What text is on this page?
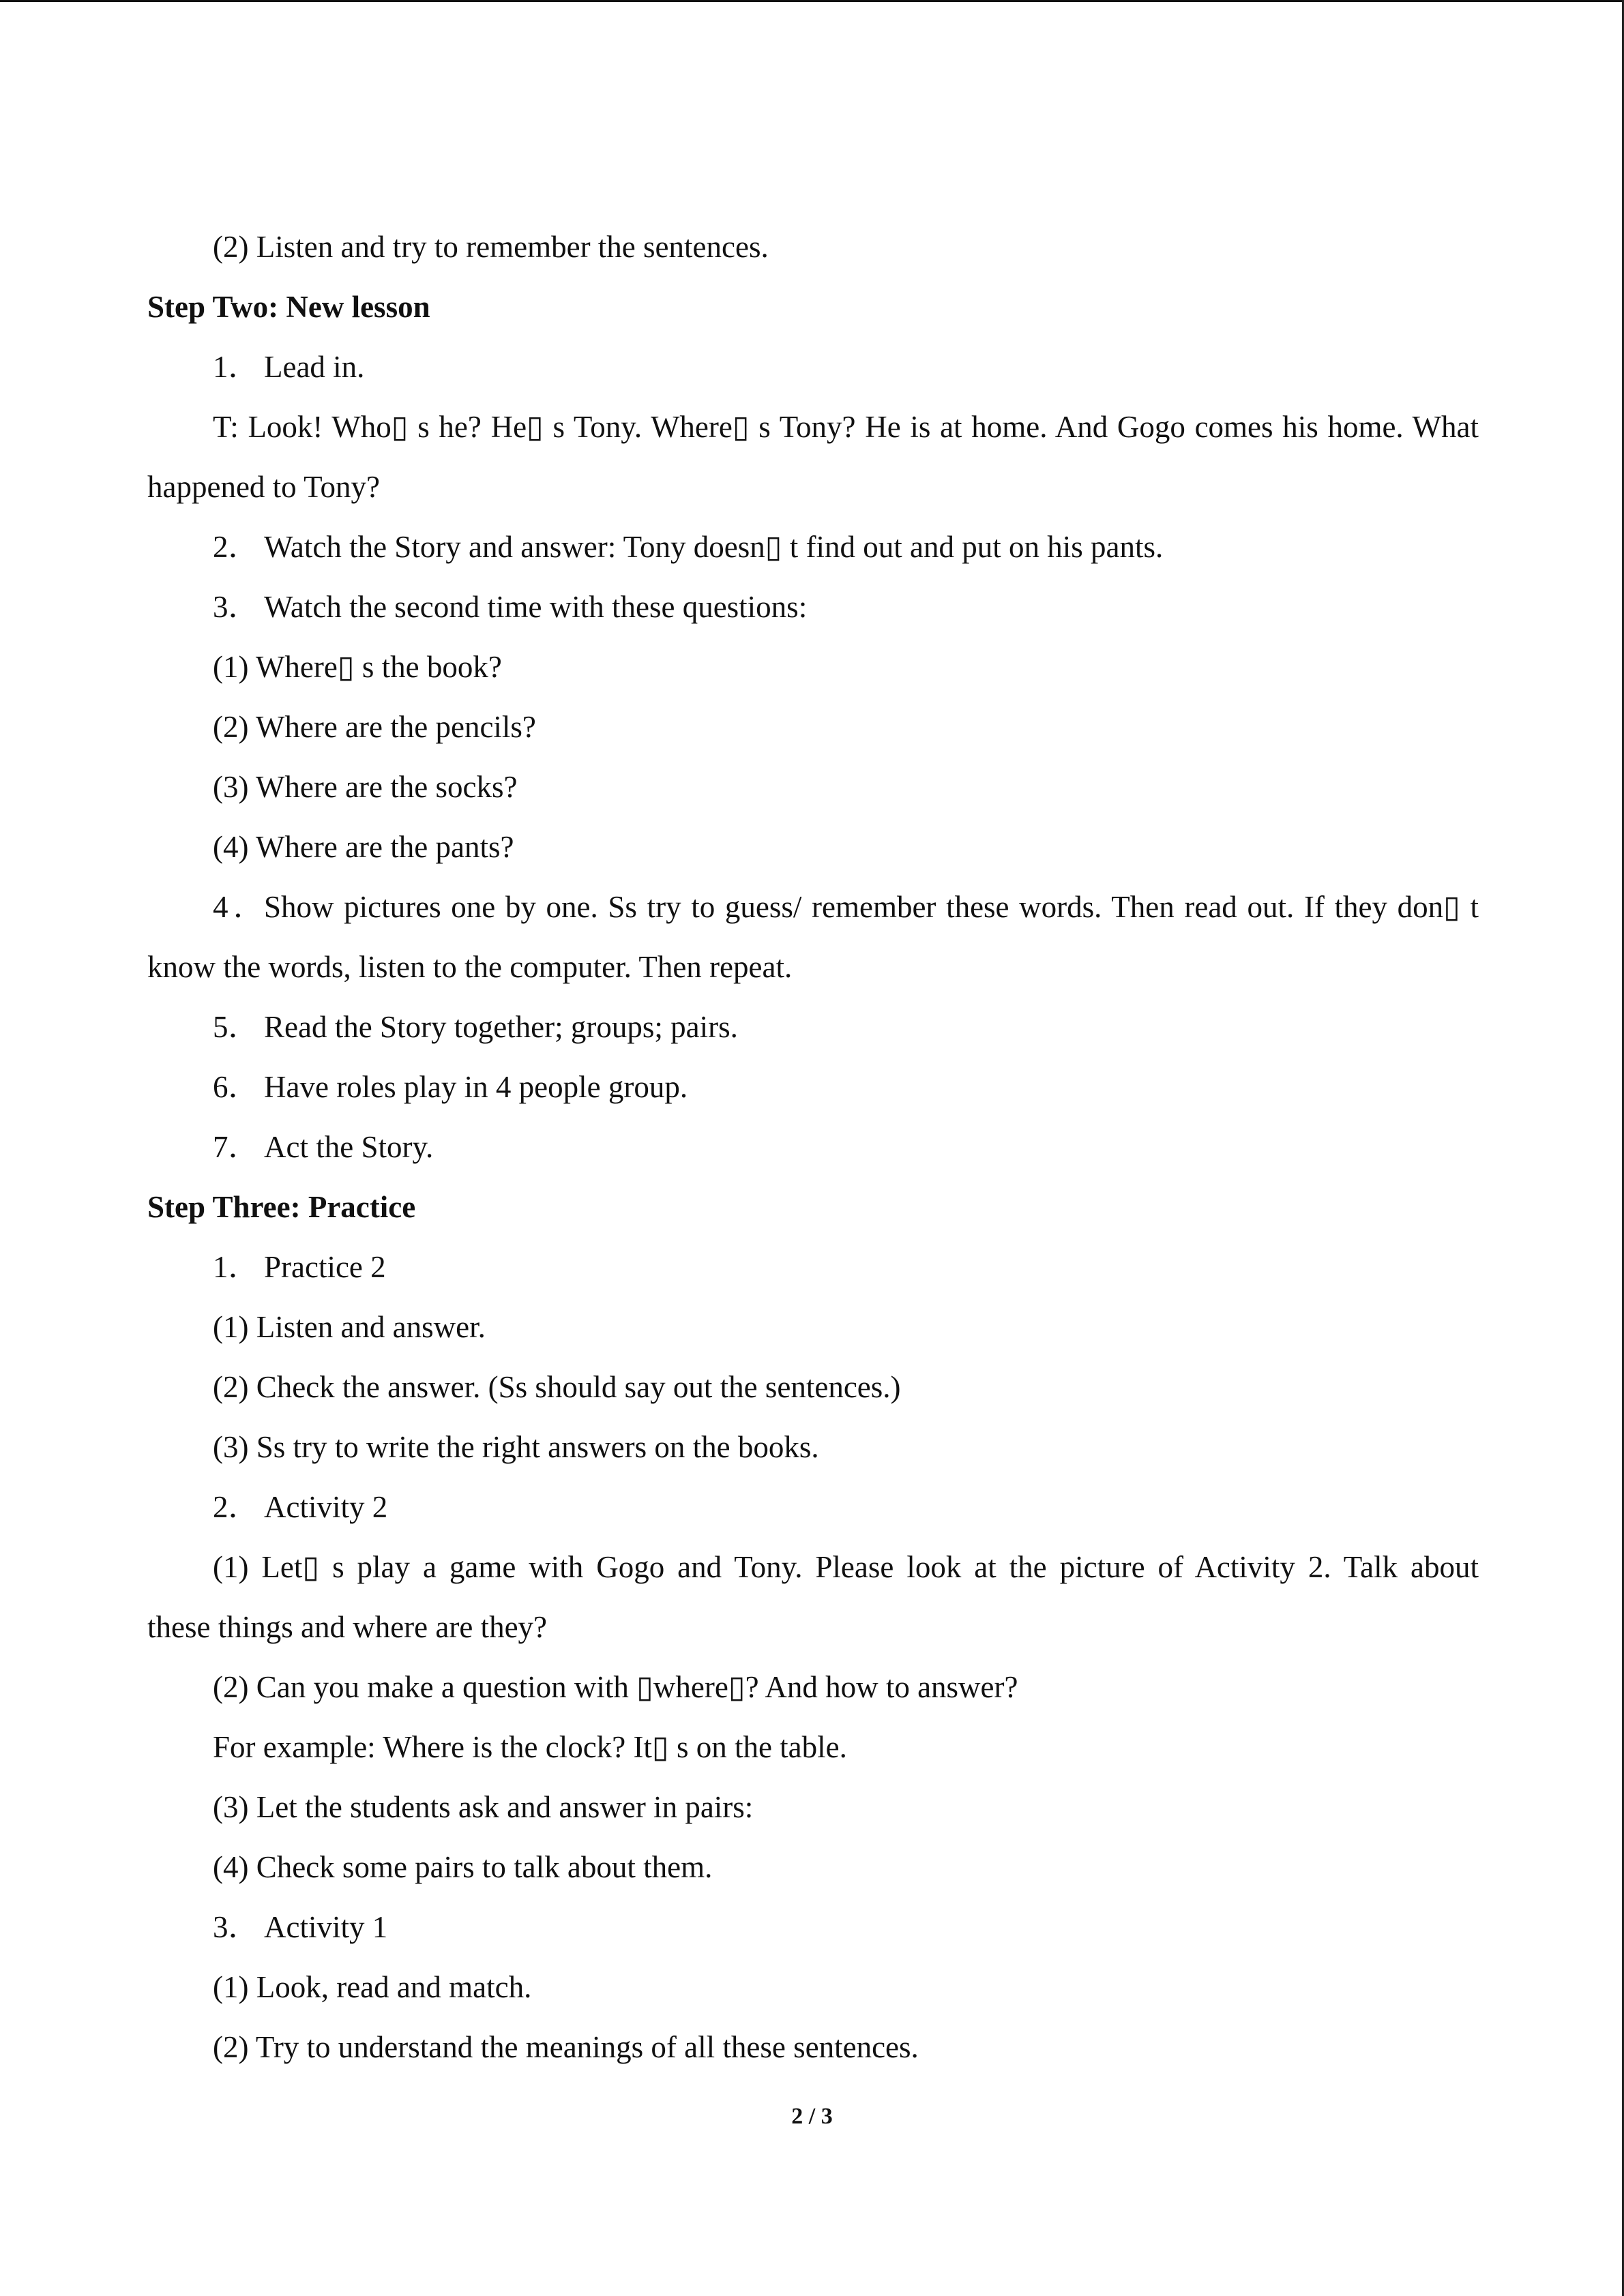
(2) Listen and try to remember the sentences.

Step Two: New lesson

1． Lead in.

T: Look! Who▯ s he? He▯ s Tony. Where▯ s Tony? He is at home. And Gogo comes his home. What

happened to Tony?

2． Watch the Story and answer: Tony doesn▯ t find out and put on his pants.

3． Watch the second time with these questions:

(1) Where▯ s the book?

(2) Where are the pencils?

(3) Where are the socks?

(4) Where are the pants?

4．Show pictures one by one. Ss try to guess/ remember these words. Then read out. If they don▯ t

know the words, listen to the computer. Then repeat.

5． Read the Story together; groups; pairs.

6． Have roles play in 4 people group.

7． Act the Story.

Step Three: Practice

1． Practice 2

(1) Listen and answer.

(2) Check the answer. (Ss should say out the sentences.)

(3) Ss try to write the right answers on the books.

2． Activity 2

(1) Let▯ s play a game with Gogo and Tony. Please look at the picture of Activity 2. Talk about

these things and where are they?

(2) Can you make a question with ▯where▯? And how to answer?

For example: Where is the clock? It▯ s on the table.

(3) Let the students ask and answer in pairs:

(4) Check some pairs to talk about them.

3． Activity 1

(1) Look, read and match.

(2) Try to understand the meanings of all these sentences.

2 / 3
